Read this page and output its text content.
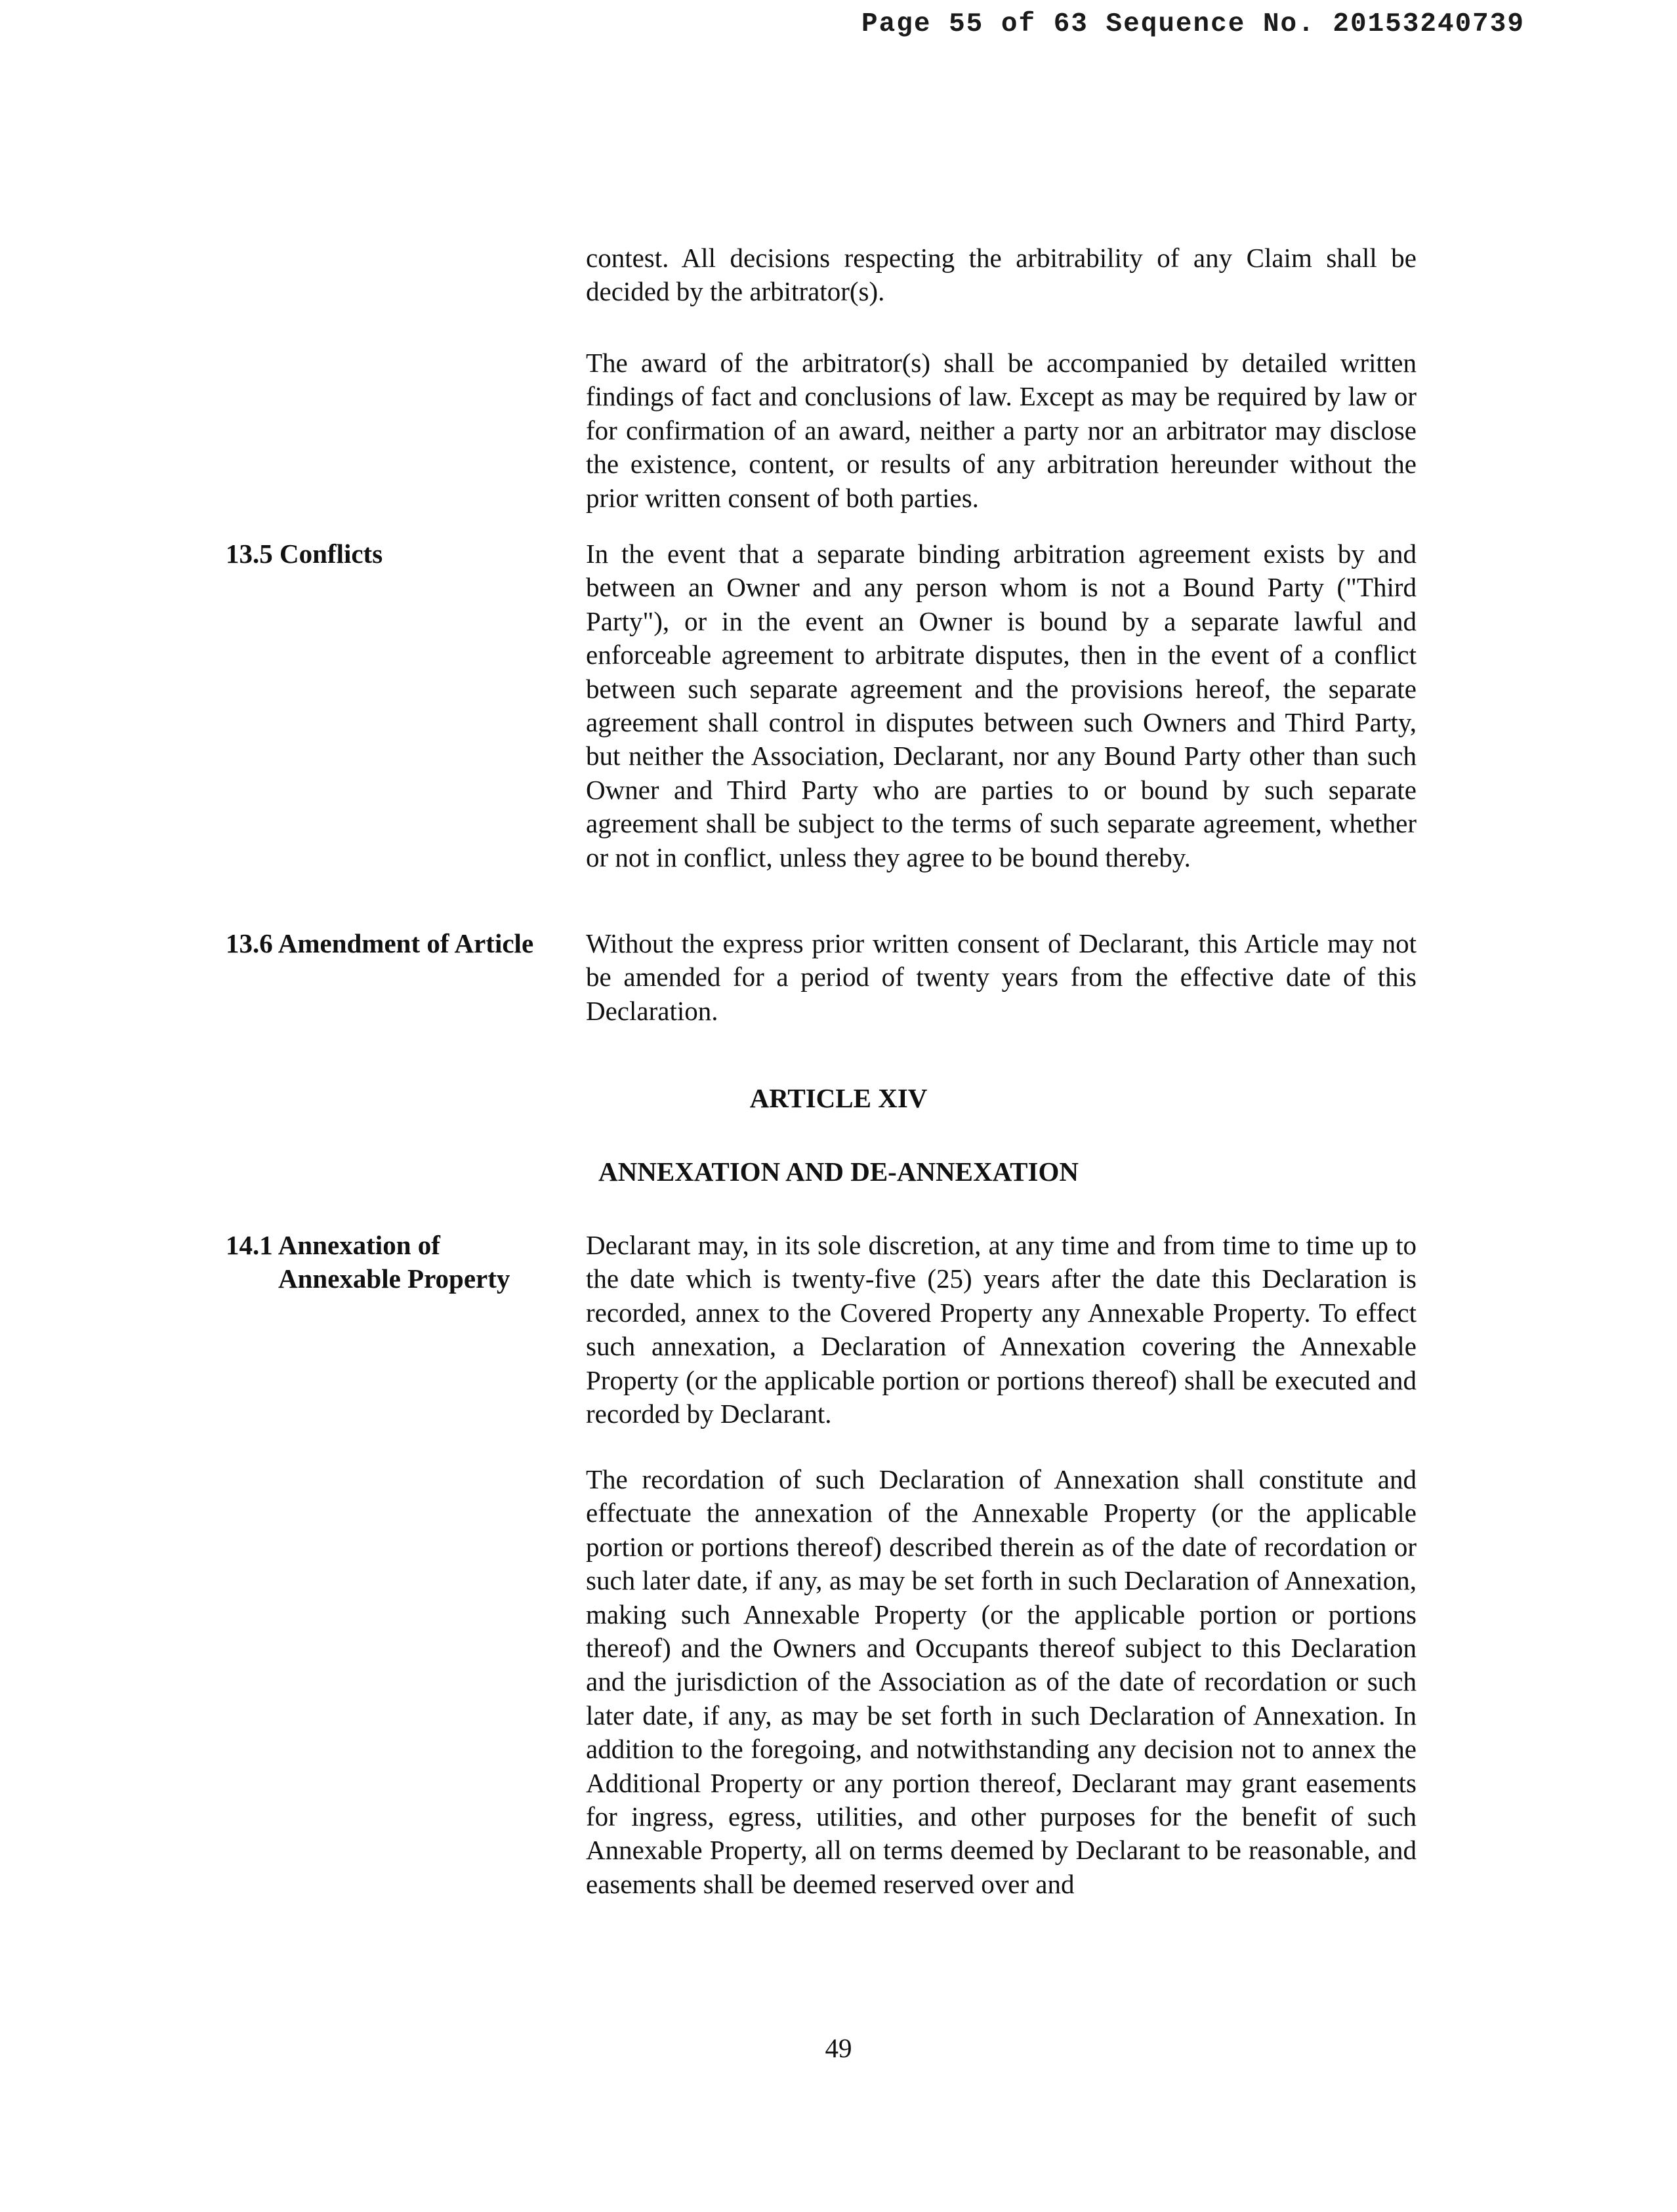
Page 55 of 63 Sequence No. 20153240739

contest. All decisions respecting the arbitrability of any Claim shall be decided by the arbitrator(s).

The award of the arbitrator(s) shall be accompanied by detailed written findings of fact and conclusions of law. Except as may be required by law or for confirmation of an award, neither a party nor an arbitrator may disclose the existence, content, or results of any arbitration hereunder without the prior written consent of both parties.

13.5 Conflicts	In the event that a separate binding arbitration agreement exists by and between an Owner and any person whom is not a Bound Party ("Third Party"), or in the event an Owner is bound by a separate lawful and enforceable agreement to arbitrate disputes, then in the event of a conflict between such separate agreement and the provisions hereof, the separate agreement shall control in disputes between such Owners and Third Party, but neither the Association, Declarant, nor any Bound Party other than such Owner and Third Party who are parties to or bound by such separate agreement shall be subject to the terms of such separate agreement, whether or not in conflict, unless they agree to be bound thereby.

13.6 Amendment of Article	Without the express prior written consent of Declarant, this Article may not be amended for a period of twenty years from the effective date of this Declaration.

ARTICLE XIV
ANNEXATION AND DE-ANNEXATION
14.1 Annexation of

Annexable Property

Declarant may, in its sole discretion, at any time and from time to time up to the date which is twenty-five (25) years after the date this Declaration is recorded, annex to the Covered Property any Annexable Property. To effect such annexation, a Declaration of Annexation covering the Annexable Property (or the applicable portion or portions thereof) shall be executed and recorded by Declarant.

The recordation of such Declaration of Annexation shall constitute and effectuate the annexation of the Annexable Property (or the applicable portion or portions thereof) described therein as of the date of recordation or such later date, if any, as may be set forth in such Declaration of Annexation, making such Annexable Property (or the applicable portion or portions thereof) and the Owners and Occupants thereof subject to this Declaration and the jurisdiction of the Association as of the date of recordation or such later date, if any, as may be set forth in such Declaration of Annexation. In addition to the foregoing, and notwithstanding any decision not to annex the Additional Property or any portion thereof, Declarant may grant easements for ingress, egress, utilities, and other purposes for the benefit of such Annexable Property, all on terms deemed by Declarant to be reasonable, and easements shall be deemed reserved over and

49
